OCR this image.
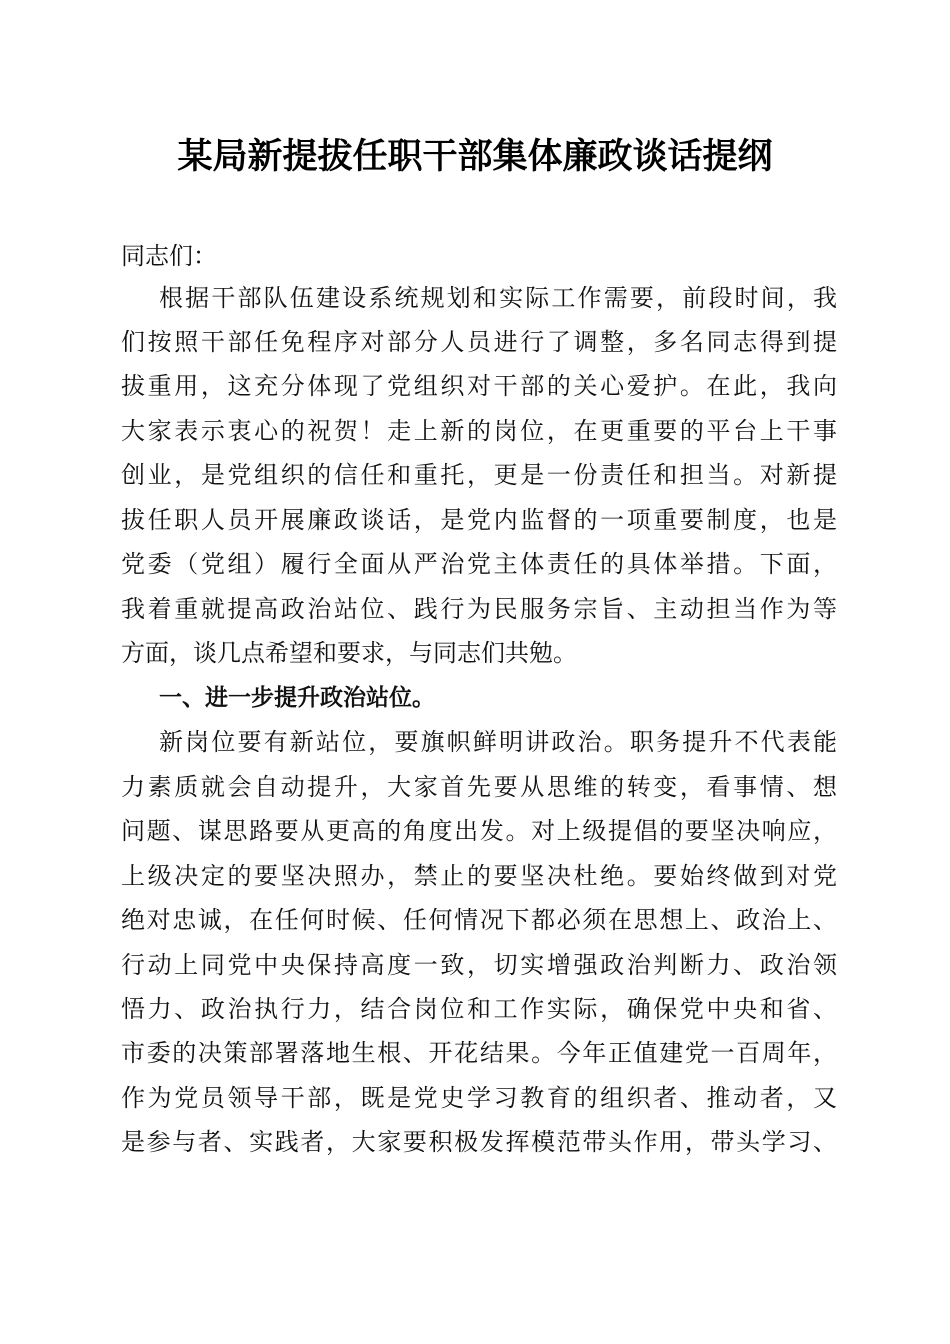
某局新提拔任职干部集体廉政谈话提纲
同志们：
根据干部队伍建设系统规划和实际工作需要，前段时间，我
们按照干部任免程序对部分人员进行了调整，多名同志得到提
拔重用，这充分体现了党组织对干部的关心爱护。在此，我向
大家表示衷心的祝贺！走上新的岗位，在更重要的平台上干事
创业，是党组织的信任和重托，更是一份责任和担当。对新提
拔任职人员开展廉政谈话，是党内监督的一项重要制度，也是
党委（党组）履行全面从严治党主体责任的具体举措。下面，
我着重就提高政治站位、践行为民服务宗旨、主动担当作为等
方面，谈几点希望和要求，与同志们共勉。
一、进一步提升政治站位。
新岗位要有新站位，要旗帜鲜明讲政治。职务提升不代表能
力素质就会自动提升，大家首先要从思维的转变，看事情、想
问题、谋思路要从更高的角度出发。对上级提倡的要坚决响应，
上级决定的要坚决照办，禁止的要坚决杜绝。要始终做到对党
绝对忠诚，在任何时候、任何情况下都必须在思想上、政治上、
行动上同党中央保持高度一致，切实增强政治判断力、政治领
悟力、政治执行力，结合岗位和工作实际，确保党中央和省、
市委的决策部署落地生根、开花结果。今年正值建党一百周年，
作为党员领导干部，既是党史学习教育的组织者、推动者，又
是参与者、实践者，大家要积极发挥模范带头作用，带头学习、
